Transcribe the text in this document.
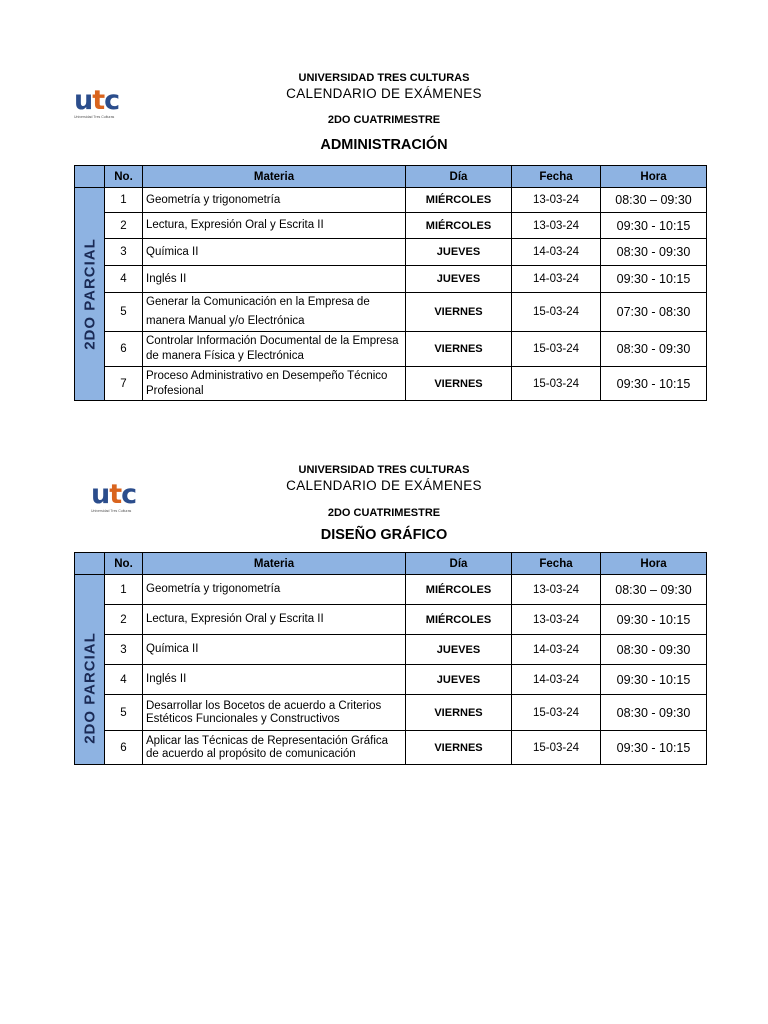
utc
Universidad Tres Culturas
UNIVERSIDAD TRES CULTURAS
CALENDARIO DE EXÁMENES
2DO CUATRIMESTRE
ADMINISTRACIÓN
	No.	Materia	Día	Fecha	Hora

2DO PARCIAL	1	Geometría y trigonometría	MIÉRCOLES	13-03-24	08:30 – 09:30
	2	Lectura, Expresión Oral y Escrita II	MIÉRCOLES	13-03-24	09:30 - 10:15
	3	Química II	JUEVES	14-03-24	08:30 - 09:30
	4	Inglés II	JUEVES	14-03-24	09:30 - 10:15
	5	Generar la Comunicación en la Empresa de manera Manual y/o Electrónica	VIERNES	15-03-24	07:30 - 08:30
	6	Controlar Información Documental de la Empresa de manera Física y Electrónica	VIERNES	15-03-24	08:30 - 09:30
	7	Proceso Administrativo en Desempeño Técnico Profesional	VIERNES	15-03-24	09:30 - 10:15
utc
Universidad Tres Culturas
UNIVERSIDAD TRES CULTURAS
CALENDARIO DE EXÁMENES
2DO CUATRIMESTRE
DISEÑO GRÁFICO
	No.	Materia	Día	Fecha	Hora

2DO PARCIAL	1	Geometría y trigonometría	MIÉRCOLES	13-03-24	08:30 – 09:30
	2	Lectura, Expresión Oral y Escrita II	MIÉRCOLES	13-03-24	09:30 - 10:15
	3	Química II	JUEVES	14-03-24	08:30 - 09:30
	4	Inglés II	JUEVES	14-03-24	09:30 - 10:15
	5	Desarrollar los Bocetos de acuerdo a Criterios Estéticos Funcionales y Constructivos	VIERNES	15-03-24	08:30 - 09:30
	6	Aplicar las Técnicas de Representación Gráfica de acuerdo al propósito de comunicación	VIERNES	15-03-24	09:30 - 10:15
